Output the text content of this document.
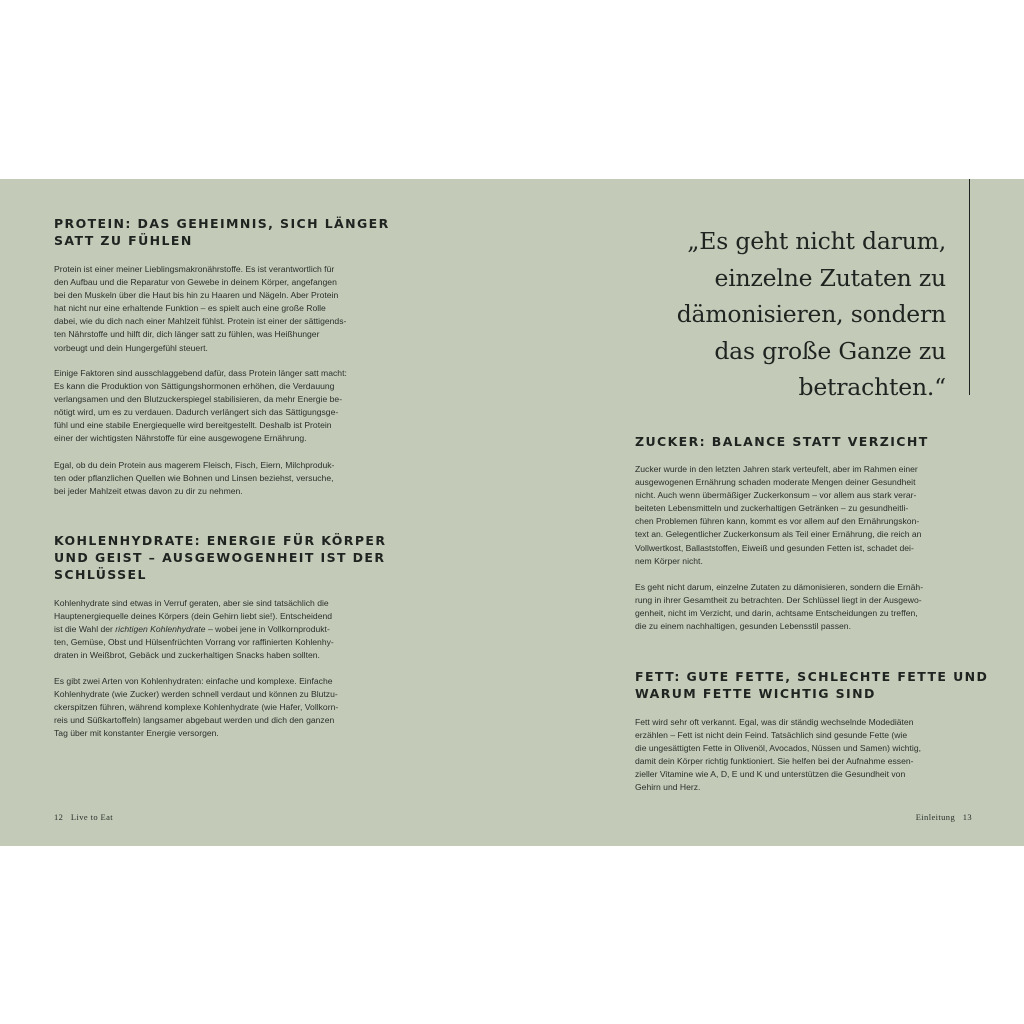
PROTEIN: DAS GEHEIMNIS, SICH LÄNGER
SATT ZU FÜHLEN

Protein ist einer meiner Lieblingsmakronährstoffe. Es ist verantwortlich für
den Aufbau und die Reparatur von Gewebe in deinem Körper, angefangen
bei den Muskeln über die Haut bis hin zu Haaren und Nägeln. Aber Protein
hat nicht nur eine erhaltende Funktion – es spielt auch eine große Rolle
dabei, wie du dich nach einer Mahlzeit fühlst. Protein ist einer der sättigends-
ten Nährstoffe und hilft dir, dich länger satt zu fühlen, was Heißhunger
vorbeugt und dein Hungergefühl steuert.

Einige Faktoren sind ausschlaggebend dafür, dass Protein länger satt macht:
Es kann die Produktion von Sättigungshormonen erhöhen, die Verdauung
verlangsamen und den Blutzuckerspiegel stabilisieren, da mehr Energie be-
nötigt wird, um es zu verdauen. Dadurch verlängert sich das Sättigungsge-
fühl und eine stabile Energiequelle wird bereitgestellt. Deshalb ist Protein
einer der wichtigsten Nährstoffe für eine ausgewogene Ernährung.

Egal, ob du dein Protein aus magerem Fleisch, Fisch, Eiern, Milchproduk-
ten oder pflanzlichen Quellen wie Bohnen und Linsen beziehst, versuche,
bei jeder Mahlzeit etwas davon zu dir zu nehmen.

KOHLENHYDRATE: ENERGIE FÜR KÖRPER
UND GEIST – AUSGEWOGENHEIT IST DER
SCHLÜSSEL

Kohlenhydrate sind etwas in Verruf geraten, aber sie sind tatsächlich die
Hauptenergiequelle deines Körpers (dein Gehirn liebt sie!). Entscheidend
ist die Wahl der richtigen Kohlenhydrate – wobei jene in Vollkornprodukt-
ten, Gemüse, Obst und Hülsenfrüchten Vorrang vor raffinierten Kohlenhy-
draten in Weißbrot, Gebäck und zuckerhaltigen Snacks haben sollten.

Es gibt zwei Arten von Kohlenhydraten: einfache und komplexe. Einfache
Kohlenhydrate (wie Zucker) werden schnell verdaut und können zu Blutzu-
ckerspitzen führen, während komplexe Kohlenhydrate (wie Hafer, Vollkorn-
reis und Süßkartoffeln) langsamer abgebaut werden und dich den ganzen
Tag über mit konstanter Energie versorgen.

12 Live to Eat

„Es geht nicht darum,
einzelne Zutaten zu
dämonisieren, sondern
das große Ganze zu
betrachten.“
ZUCKER: BALANCE STATT VERZICHT

Zucker wurde in den letzten Jahren stark verteufelt, aber im Rahmen einer
ausgewogenen Ernährung schaden moderate Mengen deiner Gesundheit
nicht. Auch wenn übermäßiger Zuckerkonsum – vor allem aus stark verar-
beiteten Lebensmitteln und zuckerhaltigen Getränken – zu gesundheitli-
chen Problemen führen kann, kommt es vor allem auf den Ernährungskon-
text an. Gelegentlicher Zuckerkonsum als Teil einer Ernährung, die reich an
Vollwertkost, Ballaststoffen, Eiweiß und gesunden Fetten ist, schadet dei-
nem Körper nicht.

Es geht nicht darum, einzelne Zutaten zu dämonisieren, sondern die Ernäh-
rung in ihrer Gesamtheit zu betrachten. Der Schlüssel liegt in der Ausgewo-
genheit, nicht im Verzicht, und darin, achtsame Entscheidungen zu treffen,
die zu einem nachhaltigen, gesunden Lebensstil passen.

FETT: GUTE FETTE, SCHLECHTE FETTE UND
WARUM FETTE WICHTIG SIND

Fett wird sehr oft verkannt. Egal, was dir ständig wechselnde Modediäten
erzählen – Fett ist nicht dein Feind. Tatsächlich sind gesunde Fette (wie
die ungesättigten Fette in Olivenöl, Avocados, Nüssen und Samen) wichtig,
damit dein Körper richtig funktioniert. Sie helfen bei der Aufnahme essen-
zieller Vitamine wie A, D, E und K und unterstützen die Gesundheit von
Gehirn und Herz.

Einleitung 13
